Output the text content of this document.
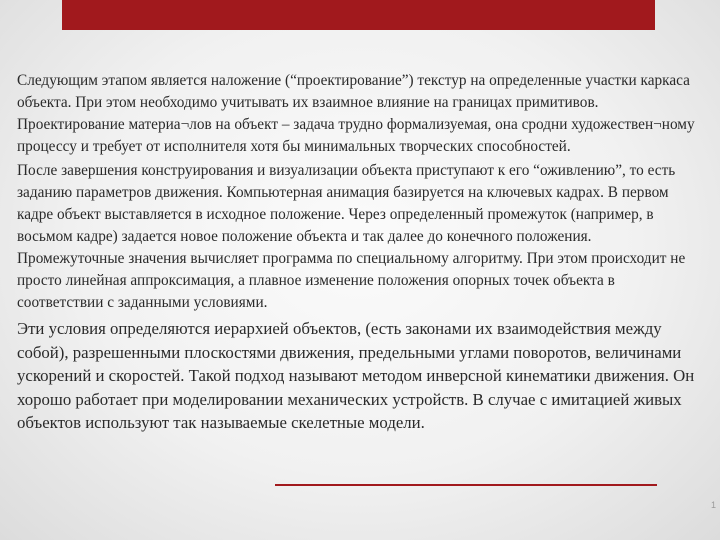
Следующим этапом является наложение (“проектирование”) текстур на определенные участки каркаса объекта. При этом необходимо учитывать их взаимное влияние на границах примитивов. Проектирование материа¬лов на объект – задача трудно формализуемая, она сродни художествен¬ному процессу и требует от исполнителя хотя бы минимальных творческих способностей.

После завершения конструирования и визуализации объекта приступают к его “оживлению”, то есть заданию параметров движения. Компьютерная анимация базируется на ключевых кадрах. В первом кадре объект выставляется в исходное положение. Через определенный промежуток (например, в восьмом кадре) задается новое положение объекта и так далее до конечного положения. Промежуточные значения вычисляет программа по специальному алгоритму. При этом происходит не просто линейная аппроксимация, а плавное изменение положения опорных точек объекта в соответствии с заданными условиями.

Эти условия определяются иерархией объектов, (есть законами их взаимодействия между собой), разрешенными плоскостями движения, предельными углами поворотов, величинами ускорений и скоростей. Такой подход называют методом инверсной кинематики движения. Он хорошо работает при моделировании механических устройств. В случае с имитацией живых объектов используют так называемые скелетные модели.

1
